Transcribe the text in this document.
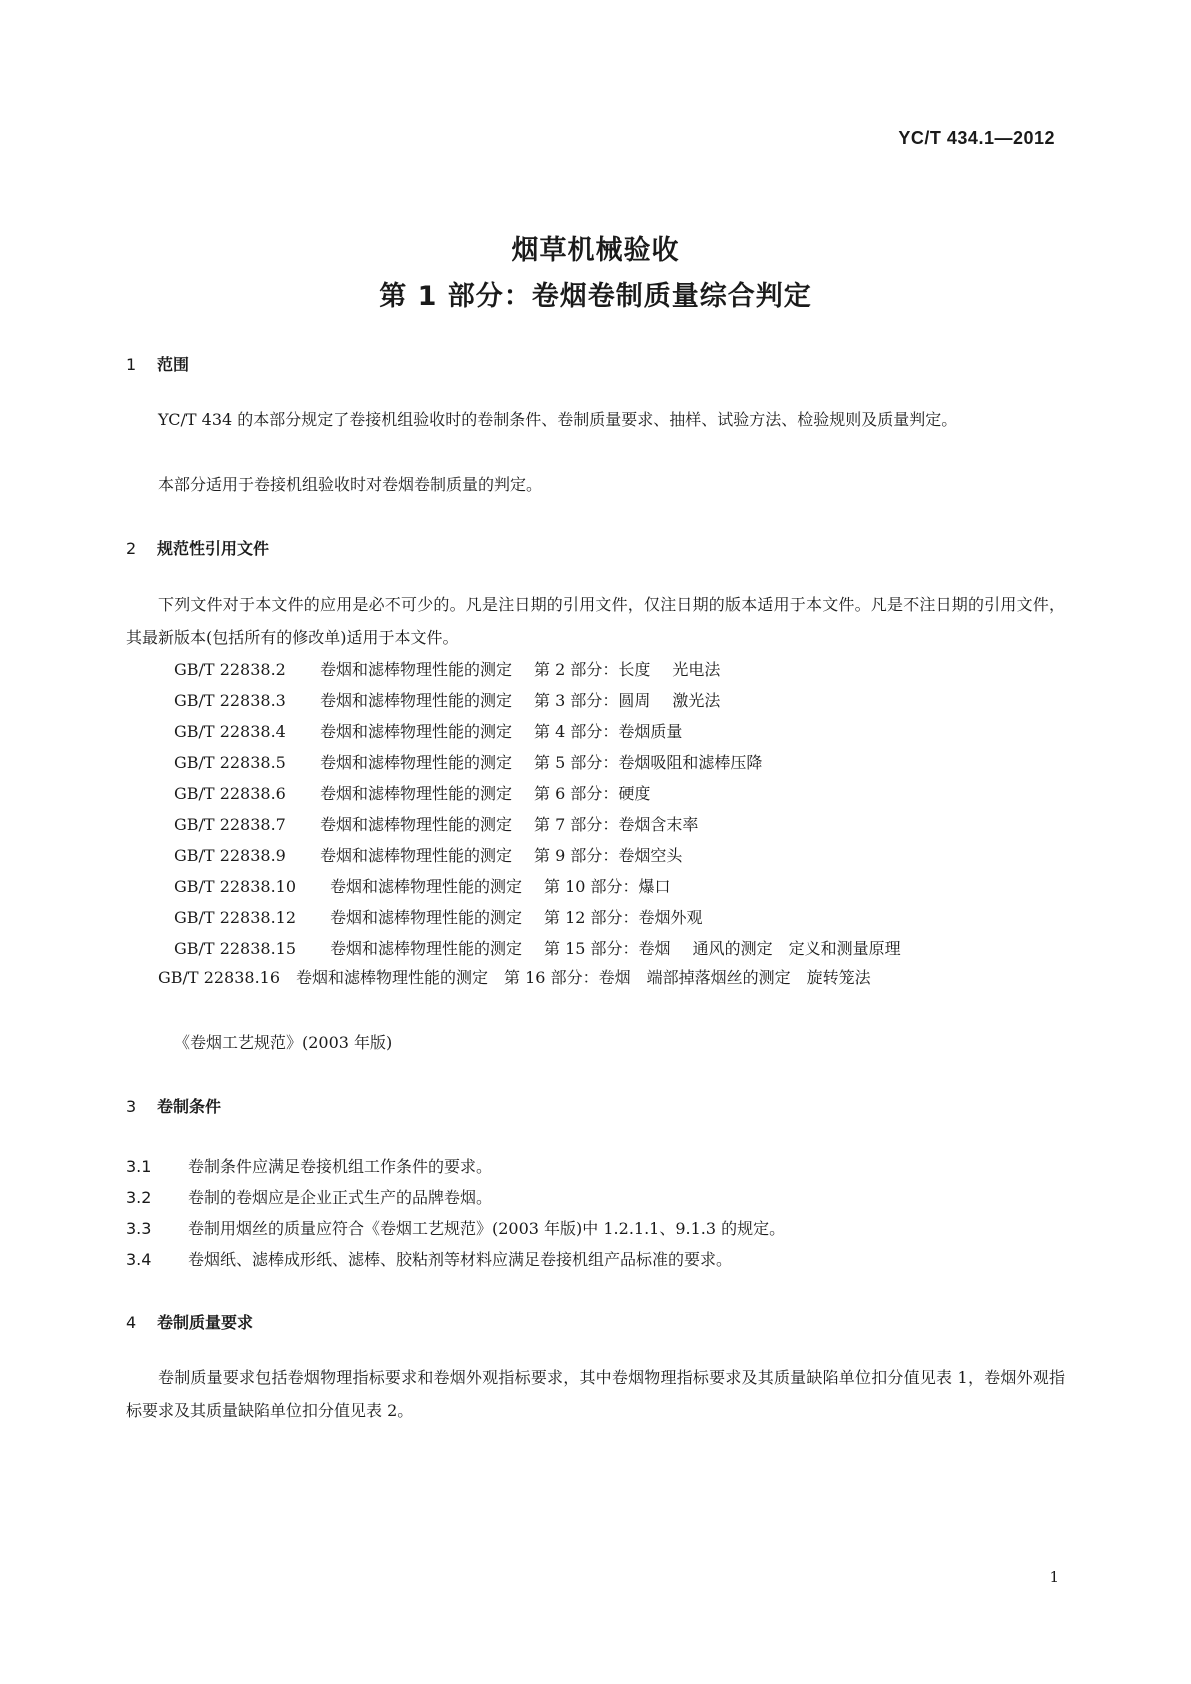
YC/T 434.1—2012
烟草机械验收
第 1 部分：卷烟卷制质量综合判定
1 范围
YC/T 434 的本部分规定了卷接机组验收时的卷制条件、卷制质量要求、抽样、试验方法、检验规则及质量判定。
本部分适用于卷接机组验收时对卷烟卷制质量的判定。
2 规范性引用文件
下列文件对于本文件的应用是必不可少的。凡是注日期的引用文件，仅注日期的版本适用于本文件。凡是不注日期的引用文件，其最新版本(包括所有的修改单)适用于本文件。
GB/T 22838.2 卷烟和滤棒物理性能的测定 第 2 部分：长度 光电法
GB/T 22838.3 卷烟和滤棒物理性能的测定 第 3 部分：圆周 激光法
GB/T 22838.4 卷烟和滤棒物理性能的测定 第 4 部分：卷烟质量
GB/T 22838.5 卷烟和滤棒物理性能的测定 第 5 部分：卷烟吸阻和滤棒压降
GB/T 22838.6 卷烟和滤棒物理性能的测定 第 6 部分：硬度
GB/T 22838.7 卷烟和滤棒物理性能的测定 第 7 部分：卷烟含末率
GB/T 22838.9 卷烟和滤棒物理性能的测定 第 9 部分：卷烟空头
GB/T 22838.10 卷烟和滤棒物理性能的测定 第 10 部分：爆口
GB/T 22838.12 卷烟和滤棒物理性能的测定 第 12 部分：卷烟外观
GB/T 22838.15 卷烟和滤棒物理性能的测定 第 15 部分：卷烟 通风的测定　定义和测量原理
GB/T 22838.16　卷烟和滤棒物理性能的测定　第 16 部分：卷烟　端部掉落烟丝的测定　旋转笼法
《卷烟工艺规范》(2003 年版)
3 卷制条件
3.1 卷制条件应满足卷接机组工作条件的要求。
3.2 卷制的卷烟应是企业正式生产的品牌卷烟。
3.3 卷制用烟丝的质量应符合《卷烟工艺规范》(2003 年版)中 1.2.1.1、9.1.3 的规定。
3.4 卷烟纸、滤棒成形纸、滤棒、胶粘剂等材料应满足卷接机组产品标准的要求。
4 卷制质量要求
卷制质量要求包括卷烟物理指标要求和卷烟外观指标要求，其中卷烟物理指标要求及其质量缺陷单位扣分值见表 1，卷烟外观指标要求及其质量缺陷单位扣分值见表 2。
1
